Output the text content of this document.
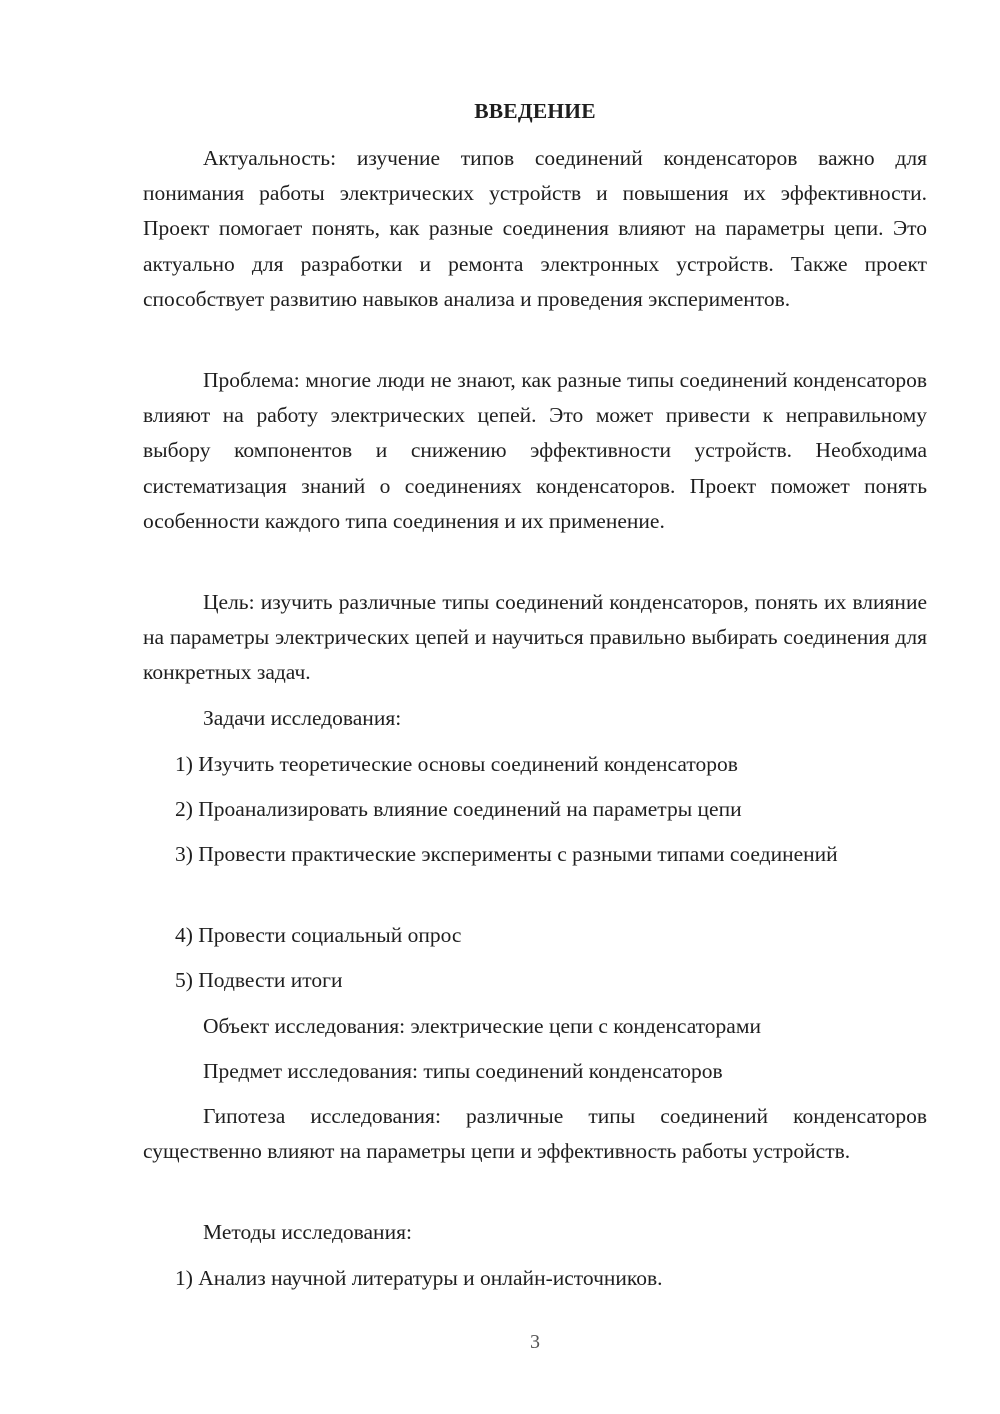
ВВЕДЕНИЕ

Актуальность: изучение типов соединений конденсаторов важно для понимания работы электрических устройств и повышения их эффективности. Проект помогает понять, как разные соединения влияют на параметры цепи. Это актуально для разработки и ремонта электронных устройств. Также проект способствует развитию навыков анализа и проведения экспериментов.

Проблема: многие люди не знают, как разные типы соединений конденсаторов влияют на работу электрических цепей. Это может привести к неправильному выбору компонентов и снижению эффективности устройств. Необходима систематизация знаний о соединениях конденсаторов. Проект поможет понять особенности каждого типа соединения и их применение.

Цель: изучить различные типы соединений конденсаторов, понять их влияние на параметры электрических цепей и научиться правильно выбирать соединения для конкретных задач.

Задачи исследования:

1) Изучить теоретические основы соединений конденсаторов

2) Проанализировать влияние соединений на параметры цепи

3) Провести практические эксперименты с разными типами соединений

4) Провести социальный опрос

5) Подвести итоги

Объект исследования: электрические цепи с конденсаторами

Предмет исследования: типы соединений конденсаторов

Гипотеза исследования: различные типы соединений конденсаторов существенно влияют на параметры цепи и эффективность работы устройств.

Методы исследования:

1) Анализ научной литературы и онлайн-источников.

3
